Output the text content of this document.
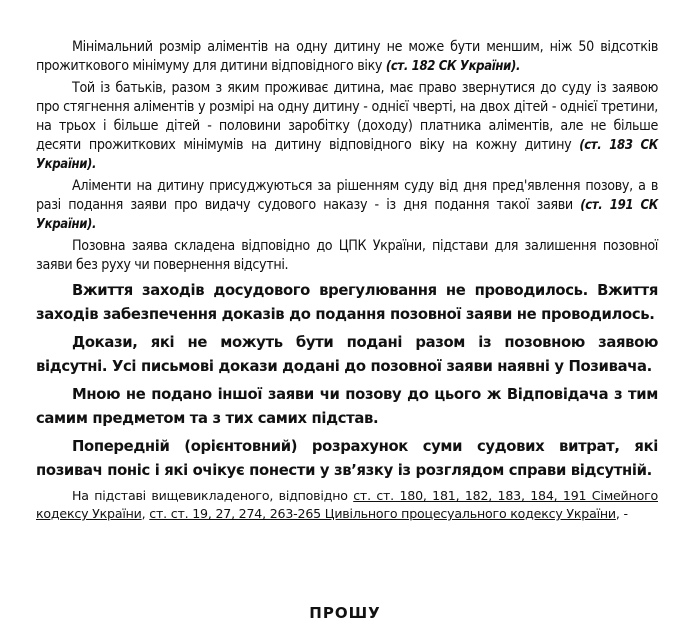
Мінімальний розмір аліментів на одну дитину не може бути меншим, ніж 50 відсотків прожиткового мінімуму для дитини відповідного віку (ст. 182 СК України).

Той із батьків, разом з яким проживає дитина, має право звернутися до суду із заявою про стягнення аліментів у розмірі на одну дитину - однієї чверті, на двох дітей - однієї третини, на трьох і більше дітей - половини заробітку (доходу) платника аліментів, але не більше десяти прожиткових мінімумів на дитину відповідного віку на кожну дитину (ст. 183 СК України).

Аліменти на дитину присуджуються за рішенням суду від дня пред'явлення позову, а в разі подання заяви про видачу судового наказу - із дня подання такої заяви (ст. 191 СК України).

Позовна заява складена відповідно до ЦПК України, підстави для залишення позовної заяви без руху чи повернення відсутні.

Вжиття заходів досудового врегулювання не проводилось. Вжиття заходів забезпечення доказів до подання позовної заяви не проводилось.

Докази, які не можуть бути подані разом із позовною заявою відсутні. Усі письмові докази додані до позовної заяви наявні у Позивача.

Мною не подано іншої заяви чи позову до цього ж Відповідача з тим самим предметом та з тих самих підстав.

Попередній (орієнтовний) розрахунок суми судових витрат, які позивач поніс і які очікує понести у зв’язку із розглядом справи відсутній.

На підставі вищевикладеного, відповідно ст. ст. 180, 181, 182, 183, 184, 191 Сімейного кодексу України, ст. ст. 19, 27, 274, 263-265 Цивільного процесуального кодексу України, -

ПРОШУ
